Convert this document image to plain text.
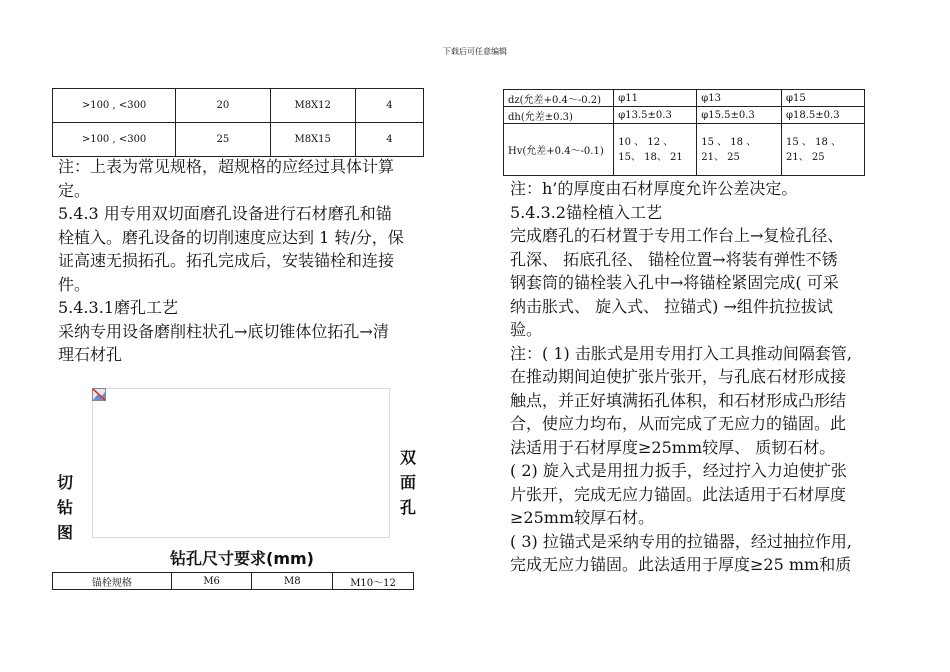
下载后可任意编辑
>100 , <300	20	M8X12	4
>100 , <300	25	M8X15	4

注：上表为常见规格，超规格的应经过具体计算

定。

5.4.3 用专用双切面磨孔设备进行石材磨孔和锚

栓植入。磨孔设备的切削速度应达到 1 转/分，保

证高速无损拓孔。拓孔完成后，安装锚栓和连接

件。

5.4.3.1磨孔工艺

采纳专用设备磨削柱状孔→底切锥体位拓孔→清

理石材孔

切
钻
图
双
面
孔
钻孔尺寸要求(mm)
锚栓规格	M6	M8	M10～12
dz(允差+0.4～-0.2)	φ11	φ13	φ15
dh(允差±0.3)	φ13.5±0.3	φ15.5±0.3	φ18.5±0.3
Hv(允差+0.4～-0.1)	10 、 12 、 15、 18、 21	15 、 18 、 21、 25	15 、 18 、 21、 25

注：h’的厚度由石材厚度允许公差决定。

5.4.3.2锚栓植入工艺

完成磨孔的石材置于专用工作台上→复检孔径、

孔深、 拓底孔径、 锚栓位置→将装有弹性不锈

钢套筒的锚栓装入孔中→将锚栓紧固完成( 可采

纳击胀式、 旋入式、 拉锚式) →组件抗拉拔试

验。

注：( 1) 击胀式是用专用打入工具推动间隔套管,

在推动期间迫使扩张片张开，与孔底石材形成接

触点，并正好填满拓孔体积，和石材形成凸形结

合，使应力均布，从而完成了无应力的锚固。此

法适用于石材厚度≥25mm较厚、 质韧石材。

( 2) 旋入式是用扭力扳手，经过拧入力迫使扩张

片张开，完成无应力锚固。此法适用于石材厚度

≥25mm较厚石材。

( 3) 拉锚式是采纳专用的拉锚器，经过抽拉作用,

完成无应力锚固。此法适用于厚度≥25 mm和质
